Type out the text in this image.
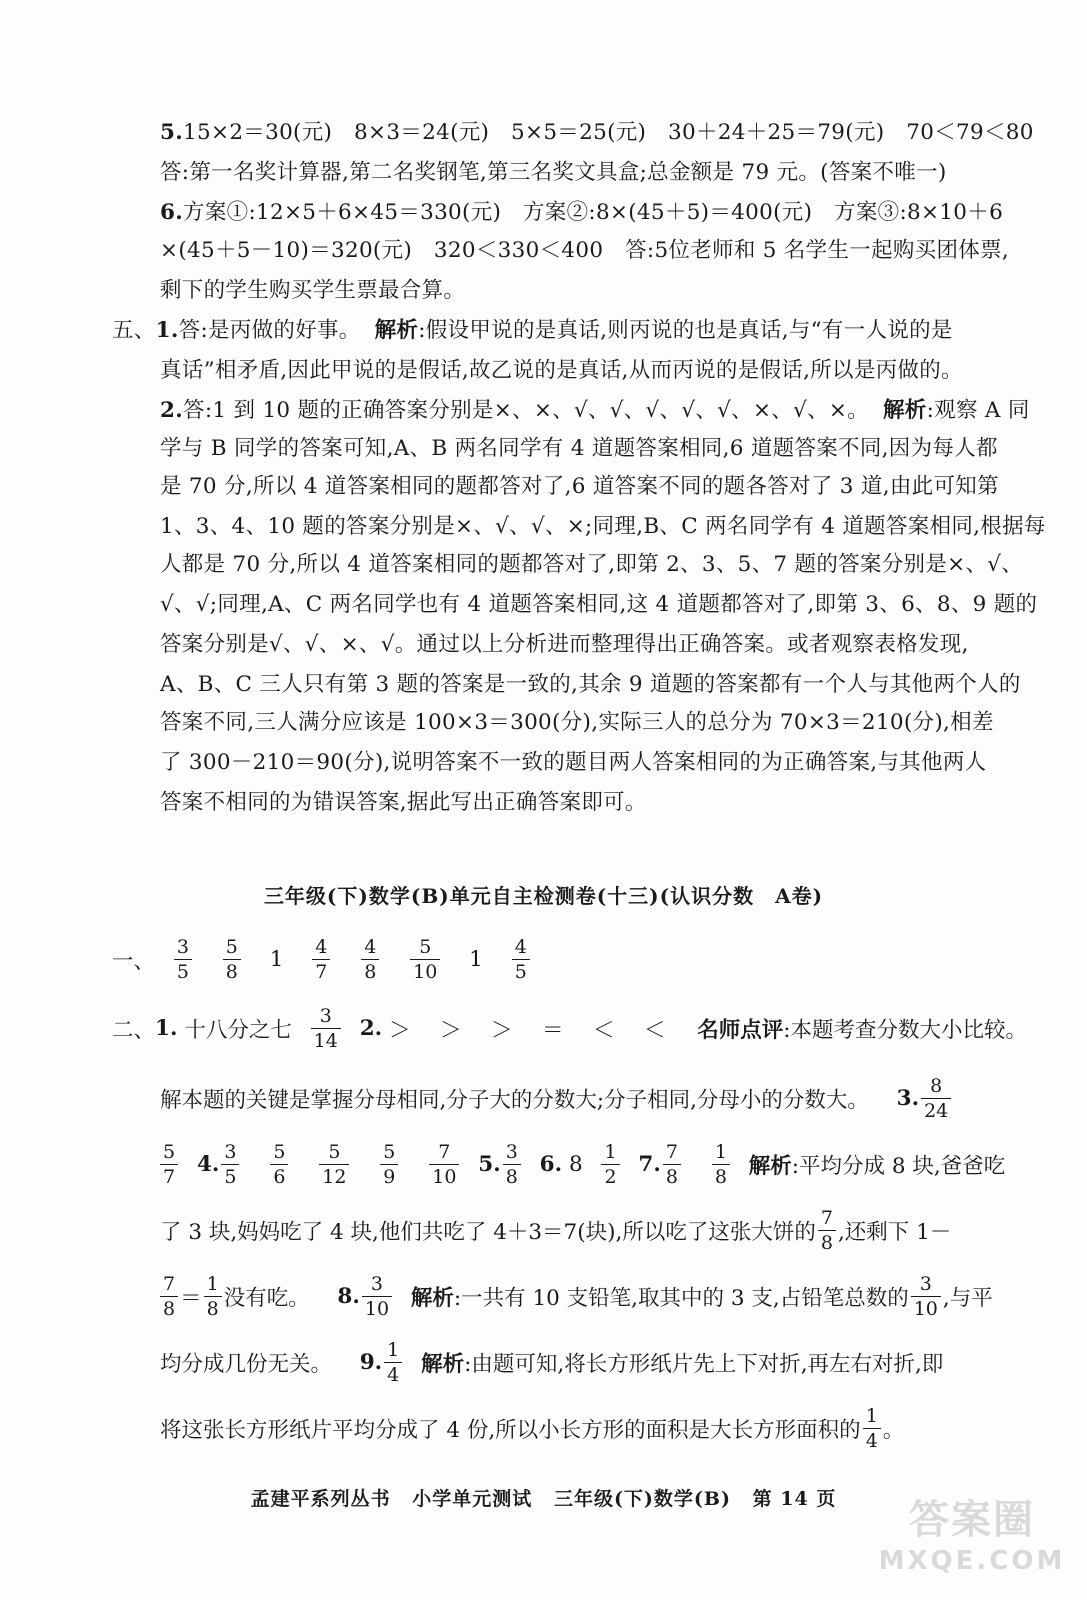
5.15×2＝30(元)　8×3＝24(元)　5×5＝25(元)　30＋24＋25＝79(元)　70＜79＜80
答:第一名奖计算器,第二名奖钢笔,第三名奖文具盒;总金额是 79 元。(答案不唯一)
6.方案①:12×5＋6×45＝330(元)　方案②:8×(45＋5)＝400(元)　方案③:8×10＋6
×(45＋5－10)＝320(元)　320＜330＜400　答:5位老师和 5 名学生一起购买团体票,
剩下的学生购买学生票最合算。
五、1.答:是丙做的好事。 解析:假设甲说的是真话,则丙说的也是真话,与“有一人说的是
真话”相矛盾,因此甲说的是假话,故乙说的是真话,从而丙说的是假话,所以是丙做的。
2.答:1 到 10 题的正确答案分别是×、×、√、√、√、√、√、×、√、×。 解析:观察 A 同
学与 B 同学的答案可知,A、B 两名同学有 4 道题答案相同,6 道题答案不同,因为每人都
是 70 分,所以 4 道答案相同的题都答对了,6 道答案不同的题各答对了 3 道,由此可知第
1、3、4、10 题的答案分别是×、√、√、×;同理,B、C 两名同学有 4 道题答案相同,根据每
人都是 70 分,所以 4 道答案相同的题都答对了,即第 2、3、5、7 题的答案分别是×、√、
√、√;同理,A、C 两名同学也有 4 道题答案相同,这 4 道题都答对了,即第 3、6、8、9 题的
答案分别是√、√、×、√。通过以上分析进而整理得出正确答案。或者观察表格发现,
A、B、C 三人只有第 3 题的答案是一致的,其余 9 道题的答案都有一个人与其他两个人的
答案不同,三人满分应该是 100×3＝300(分),实际三人的总分为 70×3＝210(分),相差
了 300－210＝90(分),说明答案不一致的题目两人答案相同的为正确答案,与其他两人
答案不相同的为错误答案,据此写出正确答案即可。
三年级(下)数学(B)单元自主检测卷(十三)(认识分数　A卷)
一、 $\frac{3}{5}$
$\frac{5}{8} 1 \frac{4}{7}$
$\frac{4}{8}$
$\frac{5}{10} 1 \frac{4}{5}$
二、1. 十八分之七 $\frac{3}{14} 2$. ＞　＞　＞　＝　＜　＜ 名师点评:本题考查分数大小比较。
解本题的关键是掌握分母相同,分子大的分数大;分子相同,分母小的分数大。 3. $\frac{8}{24}$
$\frac{5}{7} 4$. $\frac{3}{5}$
$\frac{5}{6}$
$\frac{5}{12}$
$\frac{5}{9}$
$\frac{7}{10} 5$. $\frac{3}{8} 6$. $8 \frac{1}{2} 7$. $\frac{7}{8}$
$\frac{1}{8}$ 解析:平均分成 8 块,爸爸吃
了 3 块,妈妈吃了 4 块,他们共吃了 4＋3＝7(块),所以吃了这张大饼的 $\frac{7}{8}$ ,还剩下 1－
$\frac{7}{8} = \frac{1}{8}$ 没有吃。 8. $\frac{3}{10}$ 解析:一共有 10 支铅笔,取其中的 3 支,占铅笔总数的 $\frac{3}{10}$ ,与平
均分成几份无关。 9. $\frac{1}{4}$ 解析:由题可知,将长方形纸片先上下对折,再左右对折,即
将这张长方形纸片平均分成了 4 份,所以小长方形的面积是大长方形面积的 $\frac{1}{4}$ 。
孟建平系列丛书 小学单元测试 三年级(下)数学(B) 第 14 页	答案圈
MXQE.COM
